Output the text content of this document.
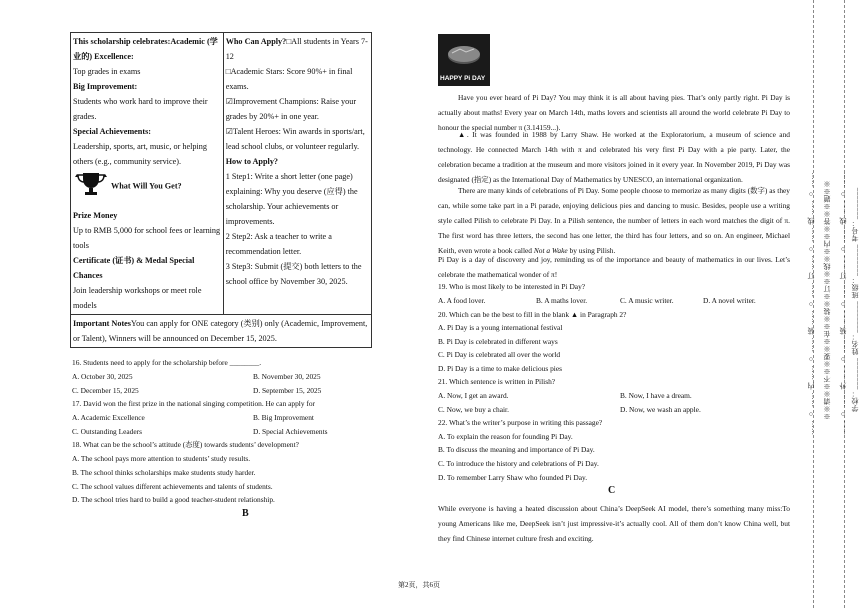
This scholarship celebrates:Academic (学业的) Excellence:
Top grades in exams
Big Improvement:
Students who work hard to improve their grades.
Special Achievements:
Leadership, sports, art, music, or helping others (e.g., community service).
What Will You Get?
Prize Money
Up to RMB 5,000 for school fees or learning tools
Certificate (证书) & Medal Special Chances
Join leadership workshops or meet role models

Who Can Apply?□All students in Years 7-12
□Academic Stars: Score 90%+ in final exams.
☑Improvement Champions: Raise your grades by 20%+ in one year.
☑Talent Heroes: Win awards in sports/art, lead school clubs, or volunteer regularly.
How to Apply?
1 Step1: Write a short letter (one page) explaining: Why you deserve (应得) the scholarship. Your achievements or improvements.
2 Step2: Ask a teacher to write a recommendation letter.
3 Step3: Submit (提交) both letters to the school office by November 30, 2025.

Important NotesYou can apply for ONE category (类别) only (Academic, Improvement, or Talent), Winners will be announced on December 15, 2025.
16. Students need to apply for the scholarship before ________.
A. October 30, 2025	B. November 30, 2025
C. December 15, 2025	D. September 15, 2025
17. David won the first prize in the national singing competition. He can apply for
A. Academic Excellence	B. Big Improvement
C. Outstanding Leaders	D. Special Achievements
18. What can be the school’s attitude (态度) towards students’ development?
A. The school pays more attention to students’ study results.
B. The school thinks scholarships make students study harder.
C. The school values different achievements and talents of students.
D. The school tries hard to build a good teacher-student relationship.
B
HAPPY Pi DAY
Have you ever heard of Pi Day? You may think it is all about having pies. That’s only partly right. Pi Day is actually about maths! Every year on March 14th, maths lovers and scientists all around the world celebrate Pi Day to honour the special number π (3.14159...).
▲. It was founded in 1988 by Larry Shaw. He worked at the Exploratorium, a museum of science and technology. He connected March 14th with π and celebrated his very first Pi Day with a pie party. Later, the celebration became a tradition at the museum and more visitors joined in it every year. In November 2019, Pi Day was designated (指定) as the International Day of Mathematics by UNESCO, an international organization.
There are many kinds of celebrations of Pi Day. Some people choose to memorize as many digits (数字) as they can, while some take part in a Pi parade, enjoying delicious pies and dancing to music. Besides, people use a writing style called Pilish to celebrate Pi Day. In a Pilish sentence, the number of letters in each word matches the digit of π. The first word has three letters, the second has one letter, the third has four letters, and so on. An engineer, Michael Keith, even wrote a book called Not a Wake by using Pilish.
Pi Day is a day of discovery and joy, reminding us of the importance and beauty of mathematics in our lives. Let’s celebrate the mathematical wonder of π!
19. Who is most likely to be interested in Pi Day?
A. A food lover.	B. A maths lover.	C. A music writer.	D. A novel writer.
20. Which can be the best to fill in the blank ▲ in Paragraph 2?
A. Pi Day is a young international festival
B. Pi Day is celebrated in different ways
C. Pi Day is celebrated all over the world
D. Pi Day is a time to make delicious pies
21. Which sentence is written in Pilish?
A. Now, I get an award.	B. Now, I have a dream.
C. Now, we buy a chair.	D. Now, we wash an apple.
22. What’s the writer’s purpose in writing this passage?
A. To explain the reason for founding Pi Day.
B. To discuss the meaning and importance of Pi Day.
C. To introduce the history and celebrations of Pi Day.
D. To remember Larry Shaw who founded Pi Day.
C
While everyone is having a heated discussion about China’s DeepSeek AI model, there’s something many miss:To young Americans like me, DeepSeek isn’t just impressive-it’s actually cool. All of them don’t know China well, but they find Chinese internet culture fresh and exciting.
第2页，共6页
…… ○ …… 内 …… ○ …… 装 …… ○ …… 订 …… ○ …… 线 …… ○ …… ※※请※※不※※要※※在※※装※※订※※线※※内※※答※※题※※ …… ○ …… 外 …… ○ …… 装 …… ○ …… 订 …… ○ …… 线 …… ○ …… 学校：________ 姓名：________ 班级：________ 考号：________
